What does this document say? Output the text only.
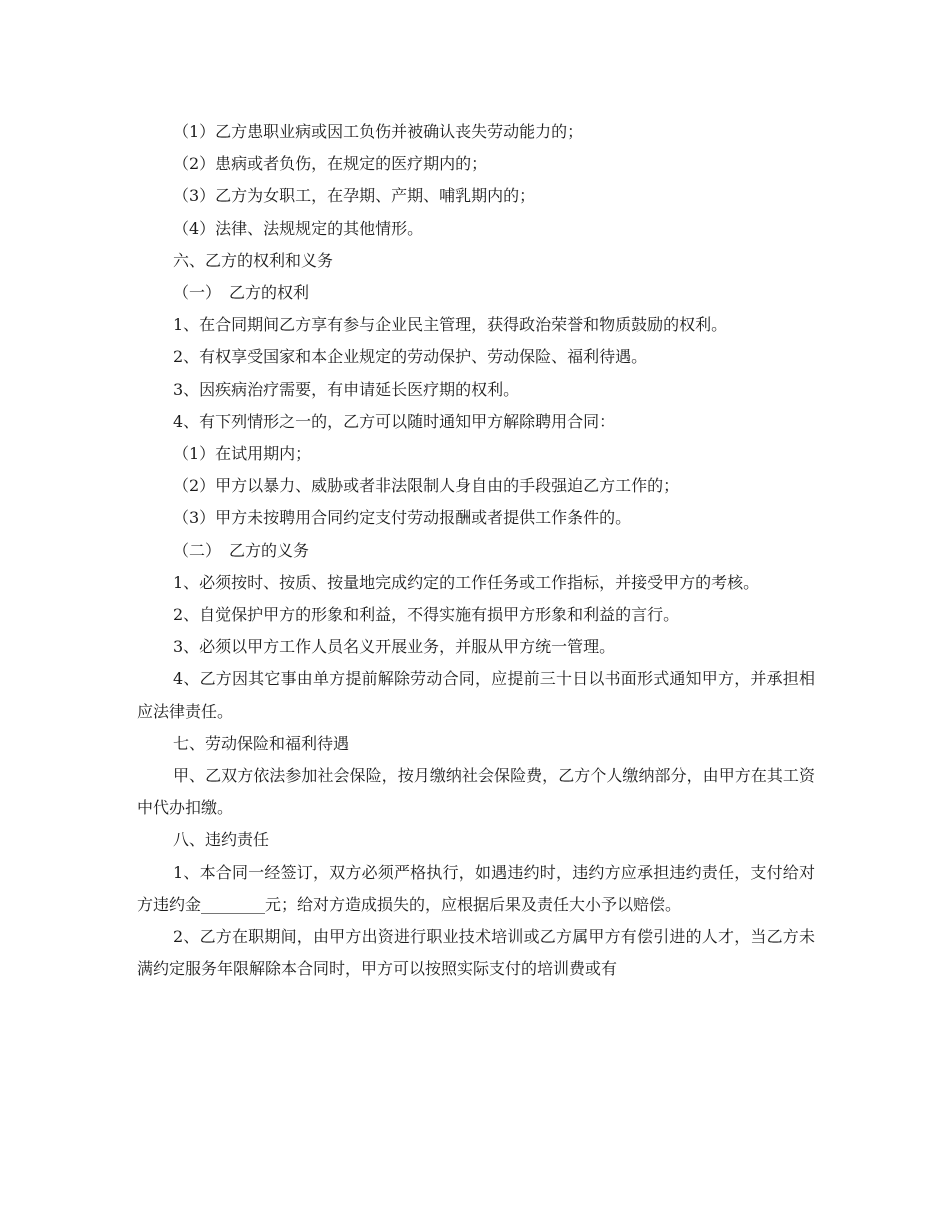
（1）乙方患职业病或因工负伤并被确认丧失劳动能力的；

（2）患病或者负伤，在规定的医疗期内的；

（3）乙方为女职工，在孕期、产期、哺乳期内的；

（4）法律、法规规定的其他情形。

六、乙方的权利和义务

（一）　乙方的权利

1、在合同期间乙方享有参与企业民主管理，获得政治荣誉和物质鼓励的权利。

2、有权享受国家和本企业规定的劳动保护、劳动保险、福利待遇。

3、因疾病治疗需要，有申请延长医疗期的权利。

4、有下列情形之一的，乙方可以随时通知甲方解除聘用合同：

（1）在试用期内；

（2）甲方以暴力、威胁或者非法限制人身自由的手段强迫乙方工作的；

（3）甲方未按聘用合同约定支付劳动报酬或者提供工作条件的。

（二）　乙方的义务

1、必须按时、按质、按量地完成约定的工作任务或工作指标，并接受甲方的考核。

2、自觉保护甲方的形象和利益，不得实施有损甲方形象和利益的言行。

3、必须以甲方工作人员名义开展业务，并服从甲方统一管理。

4、乙方因其它事由单方提前解除劳动合同，应提前三十日以书面形式通知甲方，并承担相应法律责任。

七、劳动保险和福利待遇

甲、乙双方依法参加社会保险，按月缴纳社会保险费，乙方个人缴纳部分，由甲方在其工资中代办扣缴。

八、违约责任

1、本合同一经签订，双方必须严格执行，如遇违约时，违约方应承担违约责任，支付给对方违约金________元；给对方造成损失的，应根据后果及责任大小予以赔偿。

2、乙方在职期间，由甲方出资进行职业技术培训或乙方属甲方有偿引进的人才，当乙方未满约定服务年限解除本合同时，甲方可以按照实际支付的培训费或有
